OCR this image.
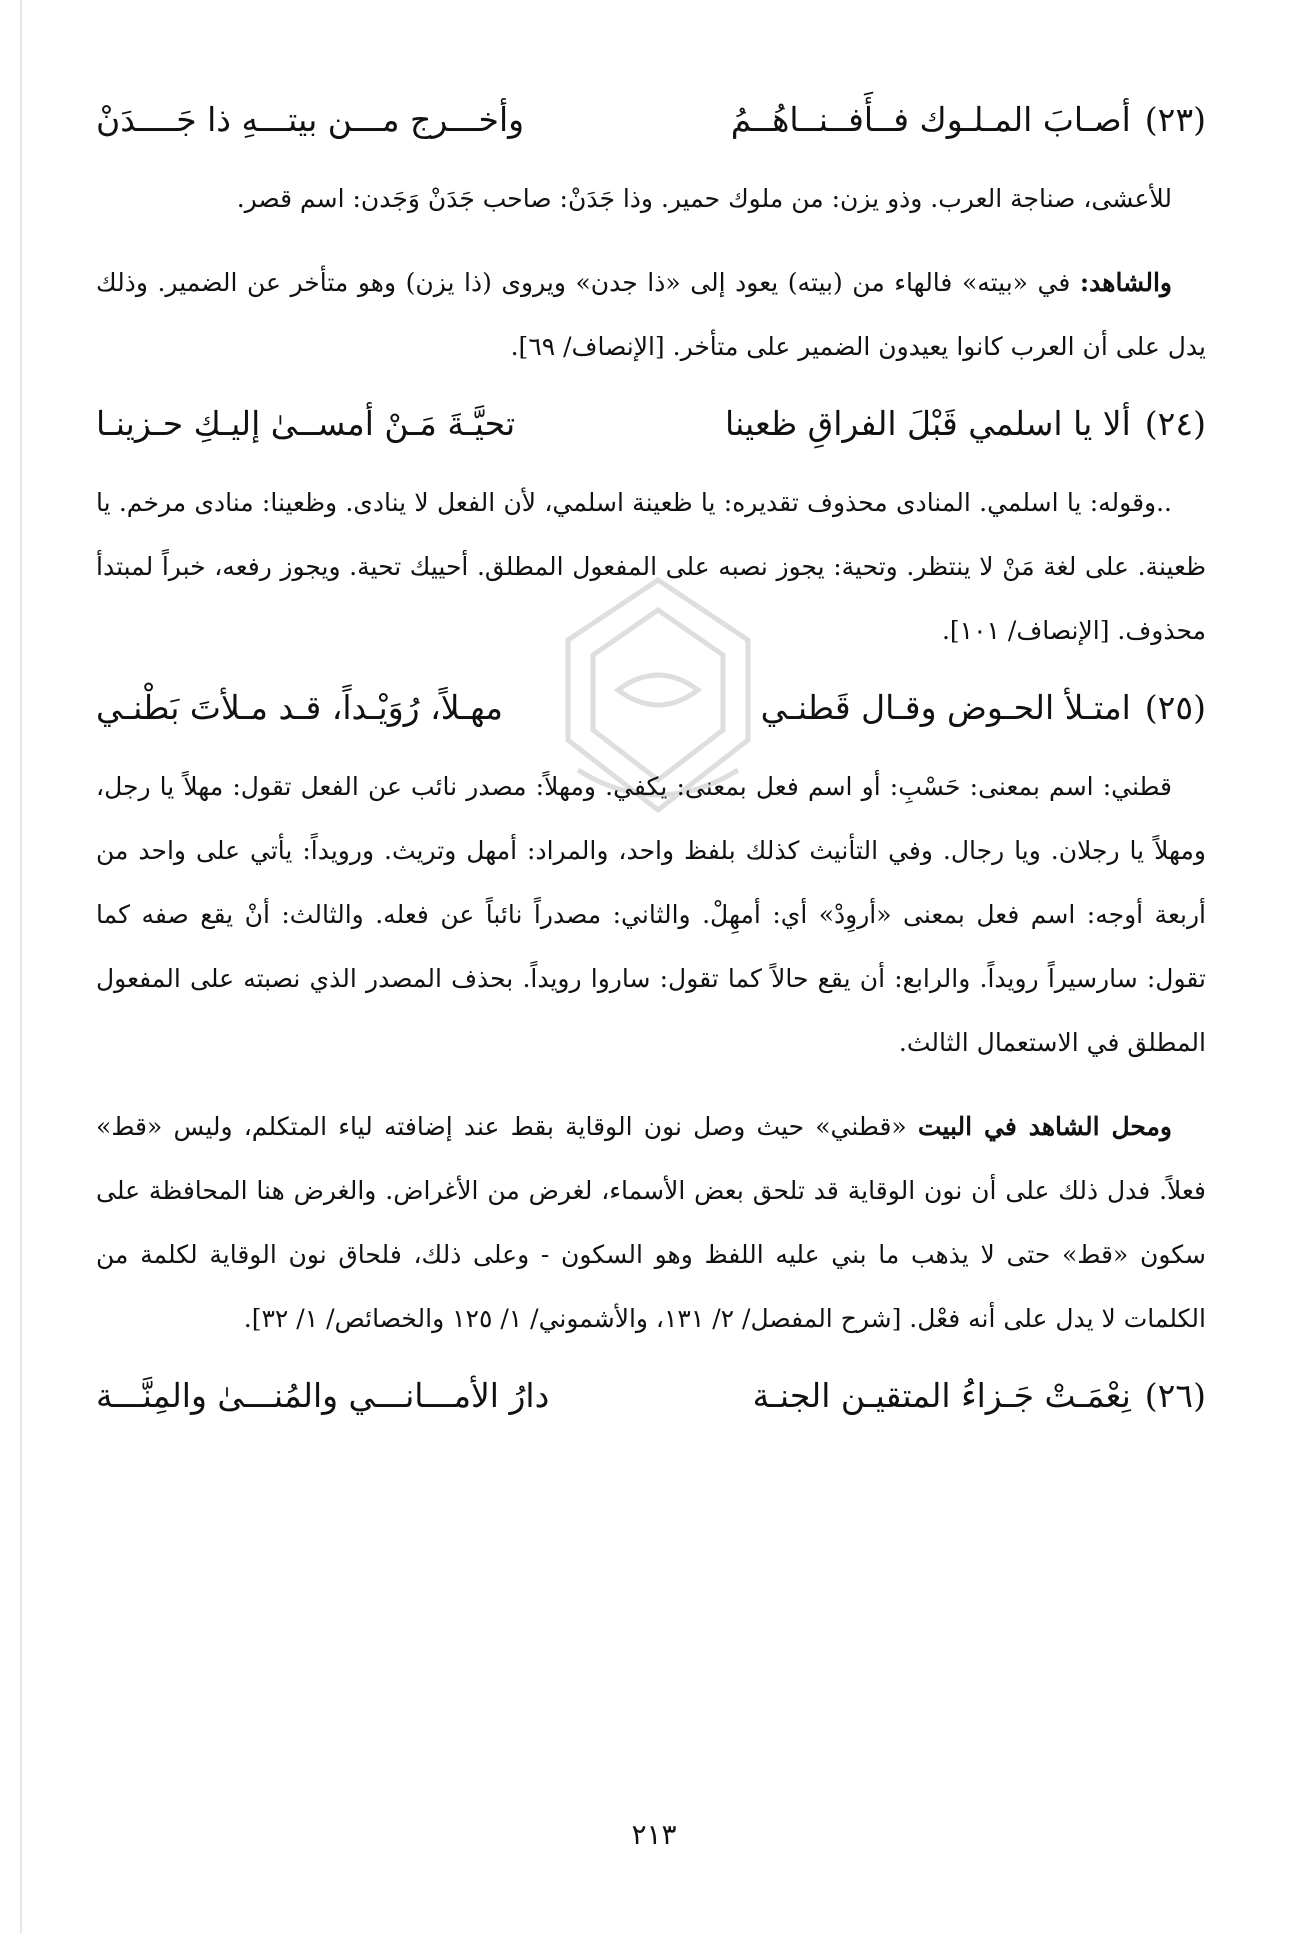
(٢٣)
أصـابَ المـلـوك فــأَفــنــاهُــمُ
وأخـــرج مـــن بيتـــهِ ذا جَــــدَنْ

للأعشى، صناجة العرب. وذو يزن: من ملوك حمير. وذا جَدَنْ: صاحب جَدَنْ وَجَدن: اسم قصر.

والشاهد: في «بيته» فالهاء من (بيته) يعود إلى «ذا جدن» ويروى (ذا يزن) وهو متأخر عن الضمير. وذلك يدل على أن العرب كانوا يعيدون الضمير على متأخر. [الإنصاف/ ٦٩].

(٢٤)
ألا يا اسلمي قَبْلَ الفراقِ ظعينا
تحيَّـةَ مَـنْ أمســىٰ إليـكِ حـزينـا

..وقوله: يا اسلمي. المنادى محذوف تقديره: يا ظعينة اسلمي، لأن الفعل لا ينادى. وظعينا: منادى مرخم. يا ظعينة. على لغة مَنْ لا ينتظر. وتحية: يجوز نصبه على المفعول المطلق. أحييك تحية. ويجوز رفعه، خبراً لمبتدأ محذوف. [الإنصاف/ ١٠١].

(٢٥)
امتـلأ الحـوض وقـال قَطنـي
مهـلاً، رُوَيْـداً، قـد مـلأتَ بَطْنـي

قطني: اسم بمعنى: حَسْبِ: أو اسم فعل بمعنى: يكفي. ومهلاً: مصدر نائب عن الفعل تقول: مهلاً يا رجل، ومهلاً يا رجلان. ويا رجال. وفي التأنيث كذلك بلفظ واحد، والمراد: أمهل وتريث. ورويداً: يأتي على واحد من أربعة أوجه: اسم فعل بمعنى «أروِدْ» أي: أمهِلْ. والثاني: مصدراً نائباً عن فعله. والثالث: أنْ يقع صفه كما تقول: سارسيراً رويداً. والرابع: أن يقع حالاً كما تقول: ساروا رويداً. بحذف المصدر الذي نصبته على المفعول المطلق في الاستعمال الثالث.

ومحل الشاهد في البيت «قطني» حيث وصل نون الوقاية بقط عند إضافته لياء المتكلم، وليس «قط» فعلاً. فدل ذلك على أن نون الوقاية قد تلحق بعض الأسماء، لغرض من الأغراض. والغرض هنا المحافظة على سكون «قط» حتى لا يذهب ما بني عليه اللفظ وهو السكون - وعلى ذلك، فلحاق نون الوقاية لكلمة من الكلمات لا يدل على أنه فعْل. [شرح المفصل/ ٢/ ١٣١، والأشموني/ ١/ ١٢٥ والخصائص/ ١/ ٣٢].

(٢٦)
نِعْمَـتْ جَـزاءُ المتقيـن الجنـة
دارُ الأمـــانـــي والمُنـــىٰ والمِنَّـــة
٢١٣
